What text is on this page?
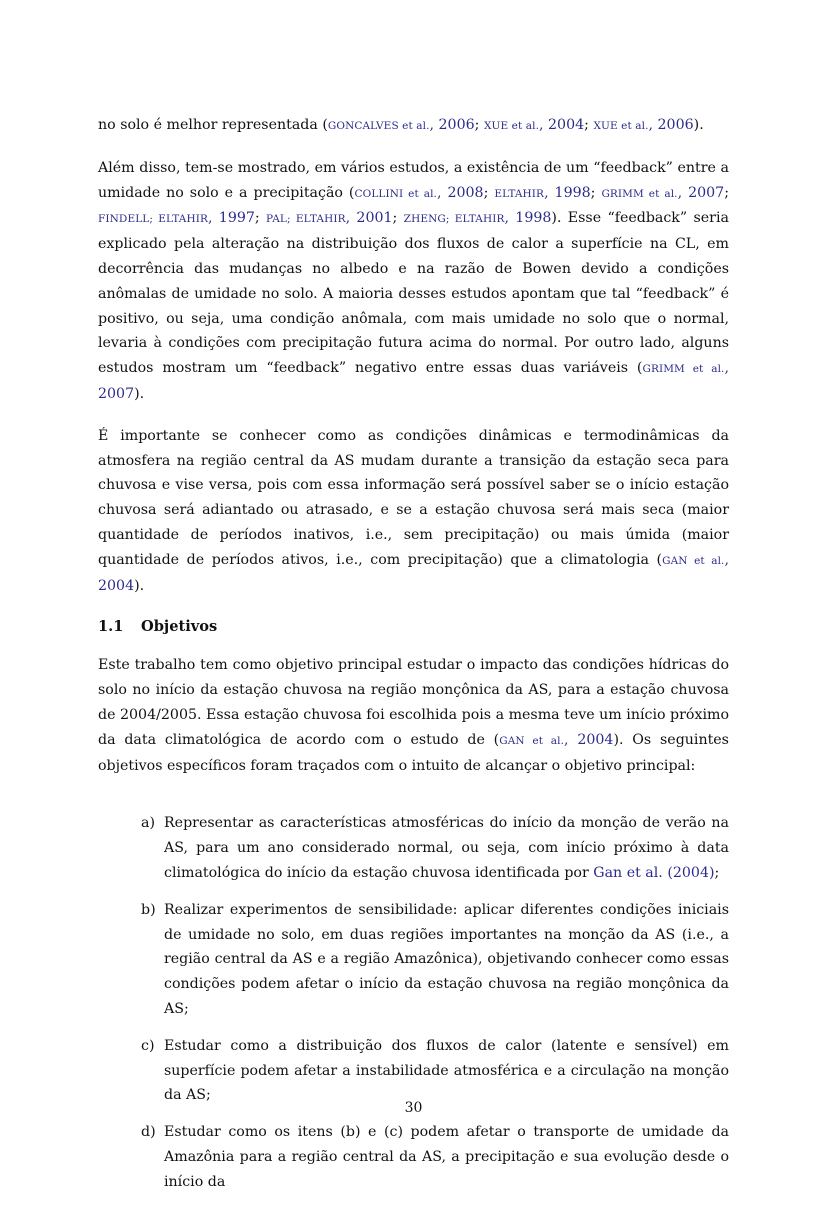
no solo é melhor representada (GONCALVES et al., 2006; XUE et al., 2004; XUE et al., 2006).

Além disso, tem-se mostrado, em vários estudos, a existência de um “feedback” entre a umidade no solo e a precipitação (COLLINI et al., 2008; ELTAHIR, 1998; GRIMM et al., 2007; FINDELL; ELTAHIR, 1997; PAL; ELTAHIR, 2001; ZHENG; ELTAHIR, 1998). Esse “feedback” seria explicado pela alteração na distribuição dos fluxos de calor a superfície na CL, em decorrência das mudanças no albedo e na razão de Bowen devido a condições anômalas de umidade no solo. A maioria desses estudos apontam que tal “feedback” é positivo, ou seja, uma condição anômala, com mais umidade no solo que o normal, levaria à condições com precipitação futura acima do normal. Por outro lado, alguns estudos mostram um “feedback” negativo entre essas duas variáveis (GRIMM et al., 2007).

É importante se conhecer como as condições dinâmicas e termodinâmicas da atmosfera na região central da AS mudam durante a transição da estação seca para chuvosa e vise versa, pois com essa informação será possível saber se o início estação chuvosa será adiantado ou atrasado, e se a estação chuvosa será mais seca (maior quantidade de períodos inativos, i.e., sem precipitação) ou mais úmida (maior quantidade de períodos ativos, i.e., com precipitação) que a climatologia (GAN et al., 2004).

1.1 Objetivos

Este trabalho tem como objetivo principal estudar o impacto das condições hídricas do solo no início da estação chuvosa na região monçônica da AS, para a estação chuvosa de 2004/2005. Essa estação chuvosa foi escolhida pois a mesma teve um início próximo da data climatológica de acordo com o estudo de (GAN et al., 2004). Os seguintes objetivos específicos foram traçados com o intuito de alcançar o objetivo principal:

a) Representar as características atmosféricas do início da monção de verão na AS, para um ano considerado normal, ou seja, com início próximo à data climatológica do início da estação chuvosa identificada por Gan et al. (2004);
b) Realizar experimentos de sensibilidade: aplicar diferentes condições iniciais de umidade no solo, em duas regiões importantes na monção da AS (i.e., a região central da AS e a região Amazônica), objetivando conhecer como essas condições podem afetar o início da estação chuvosa na região monçônica da AS;
c) Estudar como a distribuição dos fluxos de calor (latente e sensível) em superfície podem afetar a instabilidade atmosférica e a circulação na monção da AS;
d) Estudar como os itens (b) e (c) podem afetar o transporte de umidade da Amazônia para a região central da AS, a precipitação e sua evolução desde o início da
30
